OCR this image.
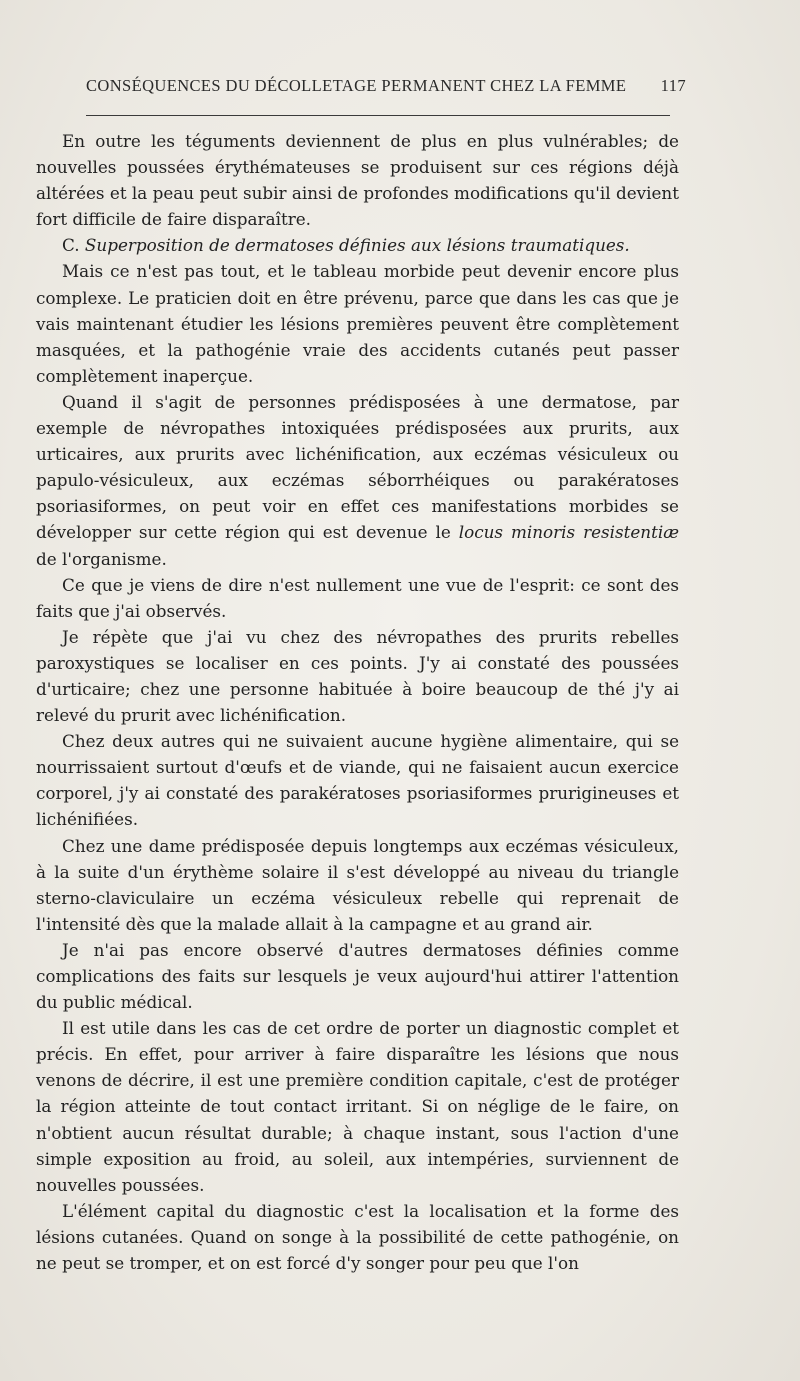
CONSÉQUENCES DU DÉCOLLETAGE PERMANENT CHEZ LA FEMME 117

En outre les téguments deviennent de plus en plus vulnérables; de nouvelles poussées érythémateuses se produisent sur ces régions déjà altérées et la peau peut subir ainsi de profondes modifications qu'il devient fort difficile de faire disparaître.

C. Superposition de dermatoses définies aux lésions traumatiques.

Mais ce n'est pas tout, et le tableau morbide peut devenir encore plus complexe. Le praticien doit en être prévenu, parce que dans les cas que je vais maintenant étudier les lésions premières peuvent être complètement masquées, et la pathogénie vraie des accidents cutanés peut passer complètement inaperçue.

Quand il s'agit de personnes prédisposées à une dermatose, par exemple de névropathes intoxiquées prédisposées aux prurits, aux urticaires, aux prurits avec lichénification, aux eczémas vésiculeux ou papulo-vésiculeux, aux eczémas séborrhéiques ou parakératoses psoriasiformes, on peut voir en effet ces manifestations morbides se développer sur cette région qui est devenue le locus minoris resistentiæ de l'organisme.

Ce que je viens de dire n'est nullement une vue de l'esprit: ce sont des faits que j'ai observés.

Je répète que j'ai vu chez des névropathes des prurits rebelles paroxystiques se localiser en ces points. J'y ai constaté des poussées d'urticaire; chez une personne habituée à boire beaucoup de thé j'y ai relevé du prurit avec lichénification.

Chez deux autres qui ne suivaient aucune hygiène alimentaire, qui se nourrissaient surtout d'œufs et de viande, qui ne faisaient aucun exercice corporel, j'y ai constaté des parakératoses psoriasiformes prurigineuses et lichénifiées.

Chez une dame prédisposée depuis longtemps aux eczémas vésiculeux, à la suite d'un érythème solaire il s'est développé au niveau du triangle sterno-claviculaire un eczéma vésiculeux rebelle qui reprenait de l'intensité dès que la malade allait à la campagne et au grand air.

Je n'ai pas encore observé d'autres dermatoses définies comme complications des faits sur lesquels je veux aujourd'hui attirer l'attention du public médical.

Il est utile dans les cas de cet ordre de porter un diagnostic complet et précis. En effet, pour arriver à faire disparaître les lésions que nous venons de décrire, il est une première condition capitale, c'est de protéger la région atteinte de tout contact irritant. Si on néglige de le faire, on n'obtient aucun résultat durable; à chaque instant, sous l'action d'une simple exposition au froid, au soleil, aux intempéries, surviennent de nouvelles poussées.

L'élément capital du diagnostic c'est la localisation et la forme des lésions cutanées. Quand on songe à la possibilité de cette pathogénie, on ne peut se tromper, et on est forcé d'y songer pour peu que l'on
